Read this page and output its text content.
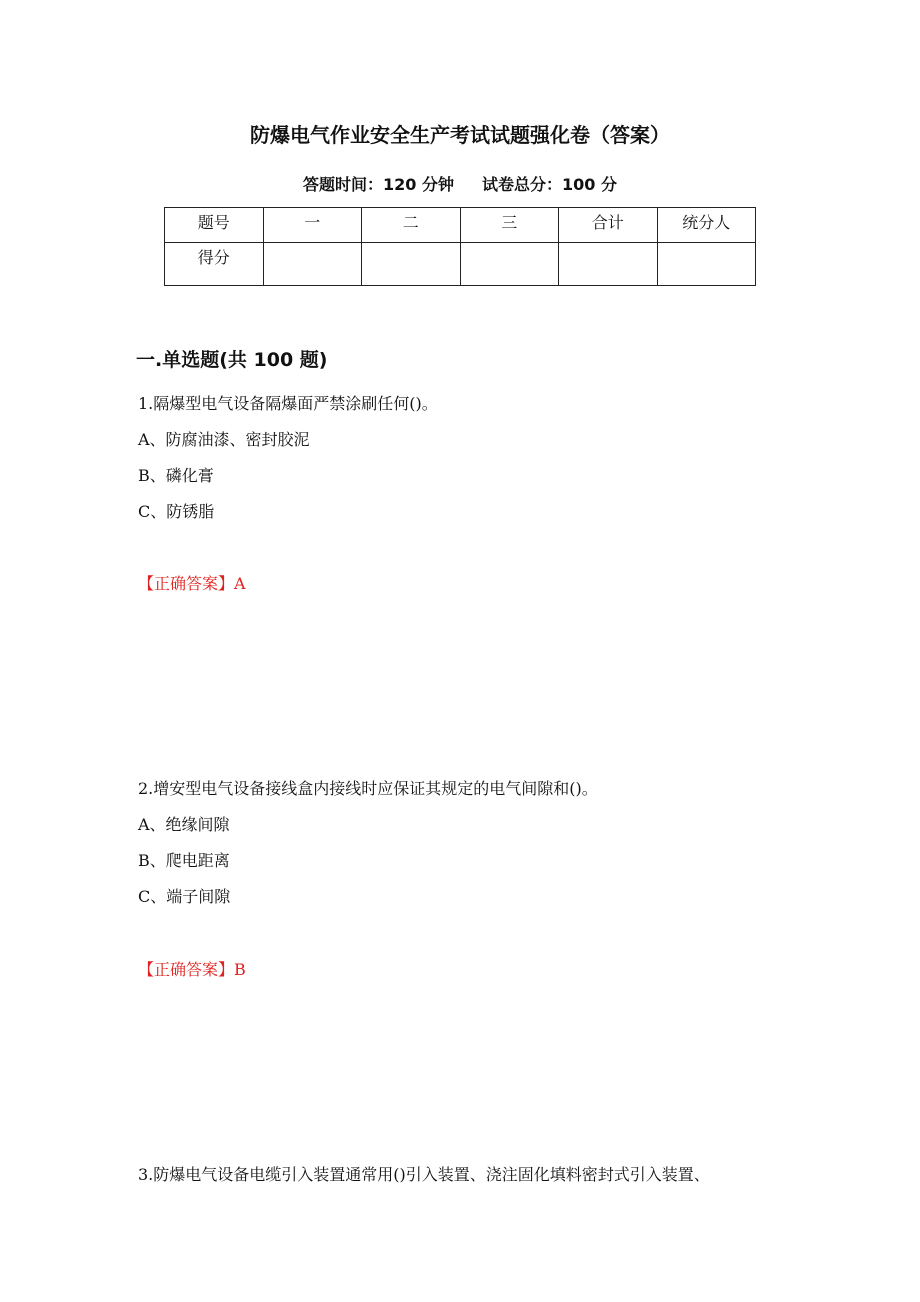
防爆电气作业安全生产考试试题强化卷（答案）
答题时间：120 分钟 试卷总分：100 分
题号	一	二	三	合计	统分人
得分					
一.单选题(共 100 题)
1.隔爆型电气设备隔爆面严禁涂刷任何()。
A、防腐油漆、密封胶泥
B、磷化膏
C、防锈脂
【正确答案】A
2.增安型电气设备接线盒内接线时应保证其规定的电气间隙和()。
A、绝缘间隙
B、爬电距离
C、端子间隙
【正确答案】B
3.防爆电气设备电缆引入装置通常用()引入装置、浇注固化填料密封式引入装置、
